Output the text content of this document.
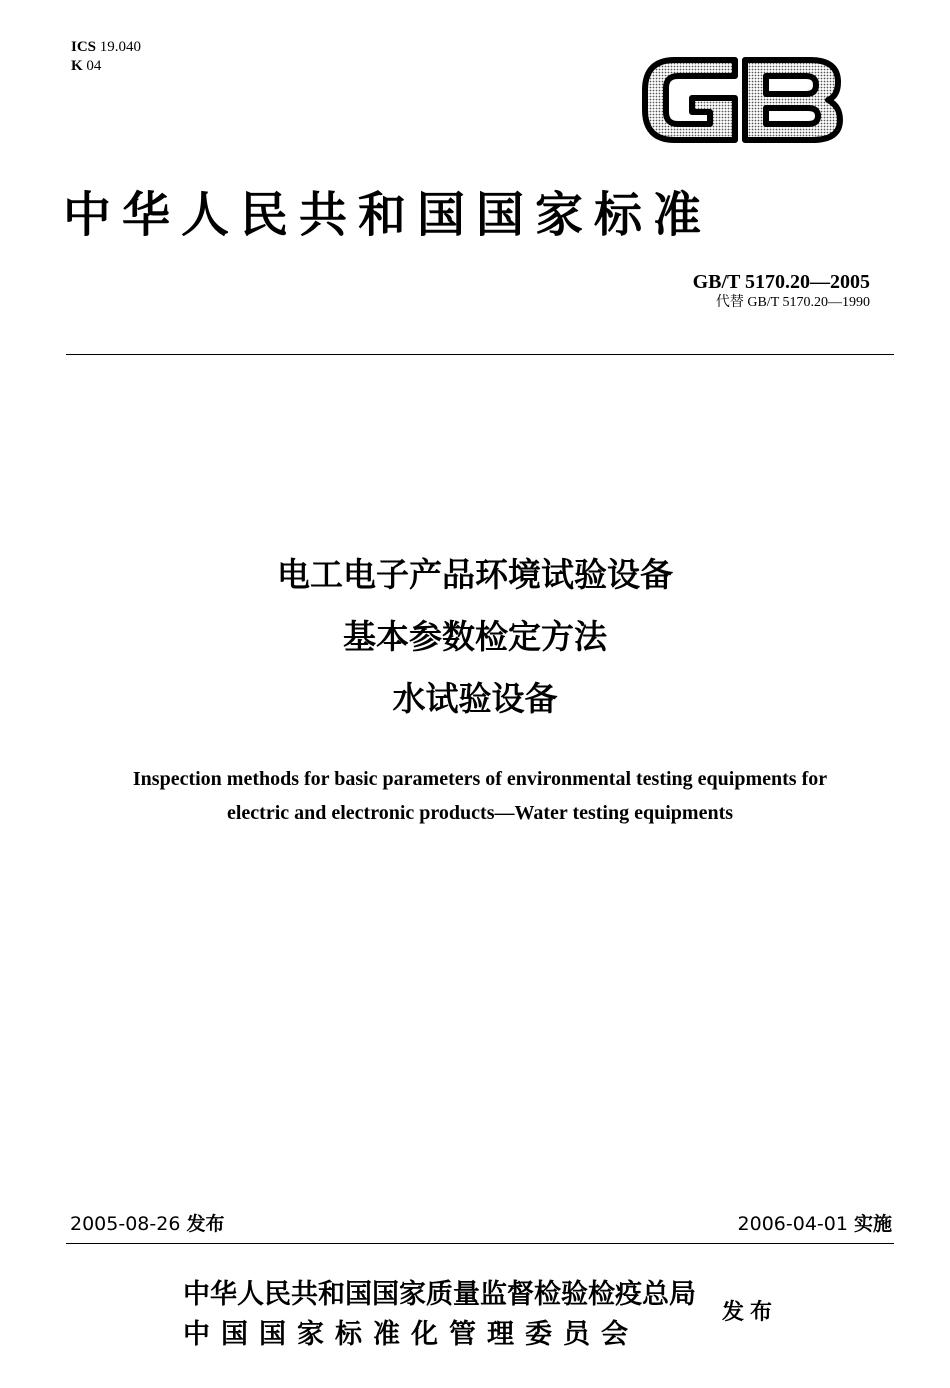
ICS 19.040
K 04
中华人民共和国国家标准
GB/T 5170.20—2005
代替 GB/T 5170.20—1990
电工电子产品环境试验设备
基本参数检定方法
水试验设备
Inspection methods for basic parameters of environmental testing equipments for
electric and electronic products—Water testing equipments
2005-08-26 发布	2006-04-01 实施
中华人民共和国国家质量监督检验检疫总局
中国国家标准化管理委员会
发布
